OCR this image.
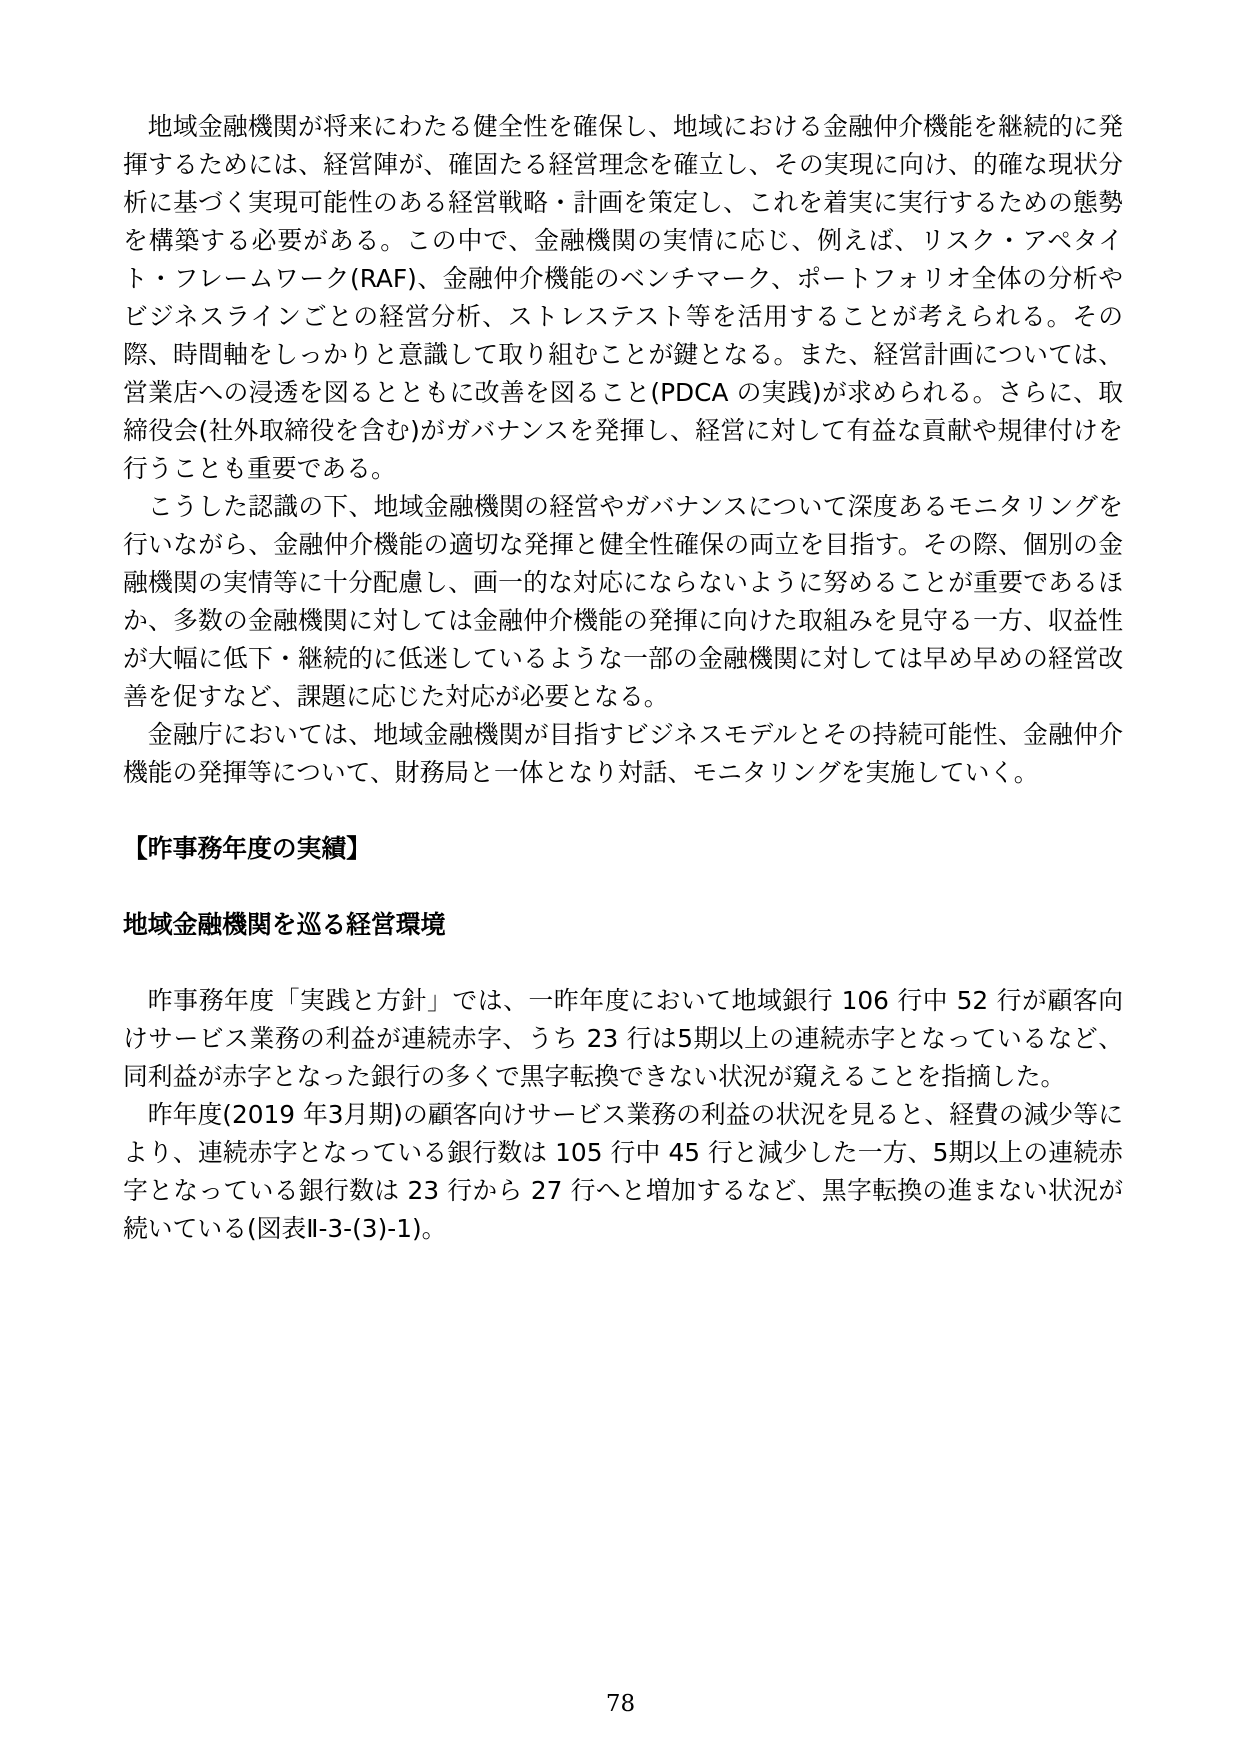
地域金融機関が将来にわたる健全性を確保し、地域における金融仲介機能を継続的に発揮するためには、経営陣が、確固たる経営理念を確立し、その実現に向け、的確な現状分析に基づく実現可能性のある経営戦略・計画を策定し、これを着実に実行するための態勢を構築する必要がある。この中で、金融機関の実情に応じ、例えば、リスク・アペタイト・フレームワーク(RAF)、金融仲介機能のベンチマーク、ポートフォリオ全体の分析やビジネスラインごとの経営分析、ストレステスト等を活用することが考えられる。その際、時間軸をしっかりと意識して取り組むことが鍵となる。また、経営計画については、営業店への浸透を図るとともに改善を図ること(PDCA の実践)が求められる。さらに、取締役会(社外取締役を含む)がガバナンスを発揮し、経営に対して有益な貢献や規律付けを行うことも重要である。

こうした認識の下、地域金融機関の経営やガバナンスについて深度あるモニタリングを行いながら、金融仲介機能の適切な発揮と健全性確保の両立を目指す。その際、個別の金融機関の実情等に十分配慮し、画一的な対応にならないように努めることが重要であるほか、多数の金融機関に対しては金融仲介機能の発揮に向けた取組みを見守る一方、収益性が大幅に低下・継続的に低迷しているような一部の金融機関に対しては早め早めの経営改善を促すなど、課題に応じた対応が必要となる。

金融庁においては、地域金融機関が目指すビジネスモデルとその持続可能性、金融仲介機能の発揮等について、財務局と一体となり対話、モニタリングを実施していく。

【昨事務年度の実績】
地域金融機関を巡る経営環境

昨事務年度「実践と方針」では、一昨年度において地域銀行 106 行中 52 行が顧客向けサービス業務の利益が連続赤字、うち 23 行は5期以上の連続赤字となっているなど、同利益が赤字となった銀行の多くで黒字転換できない状況が窺えることを指摘した。

昨年度(2019 年3月期)の顧客向けサービス業務の利益の状況を見ると、経費の減少等により、連続赤字となっている銀行数は 105 行中 45 行と減少した一方、5期以上の連続赤字となっている銀行数は 23 行から 27 行へと増加するなど、黒字転換の進まない状況が続いている(図表Ⅱ-3-(3)-1)。

78
